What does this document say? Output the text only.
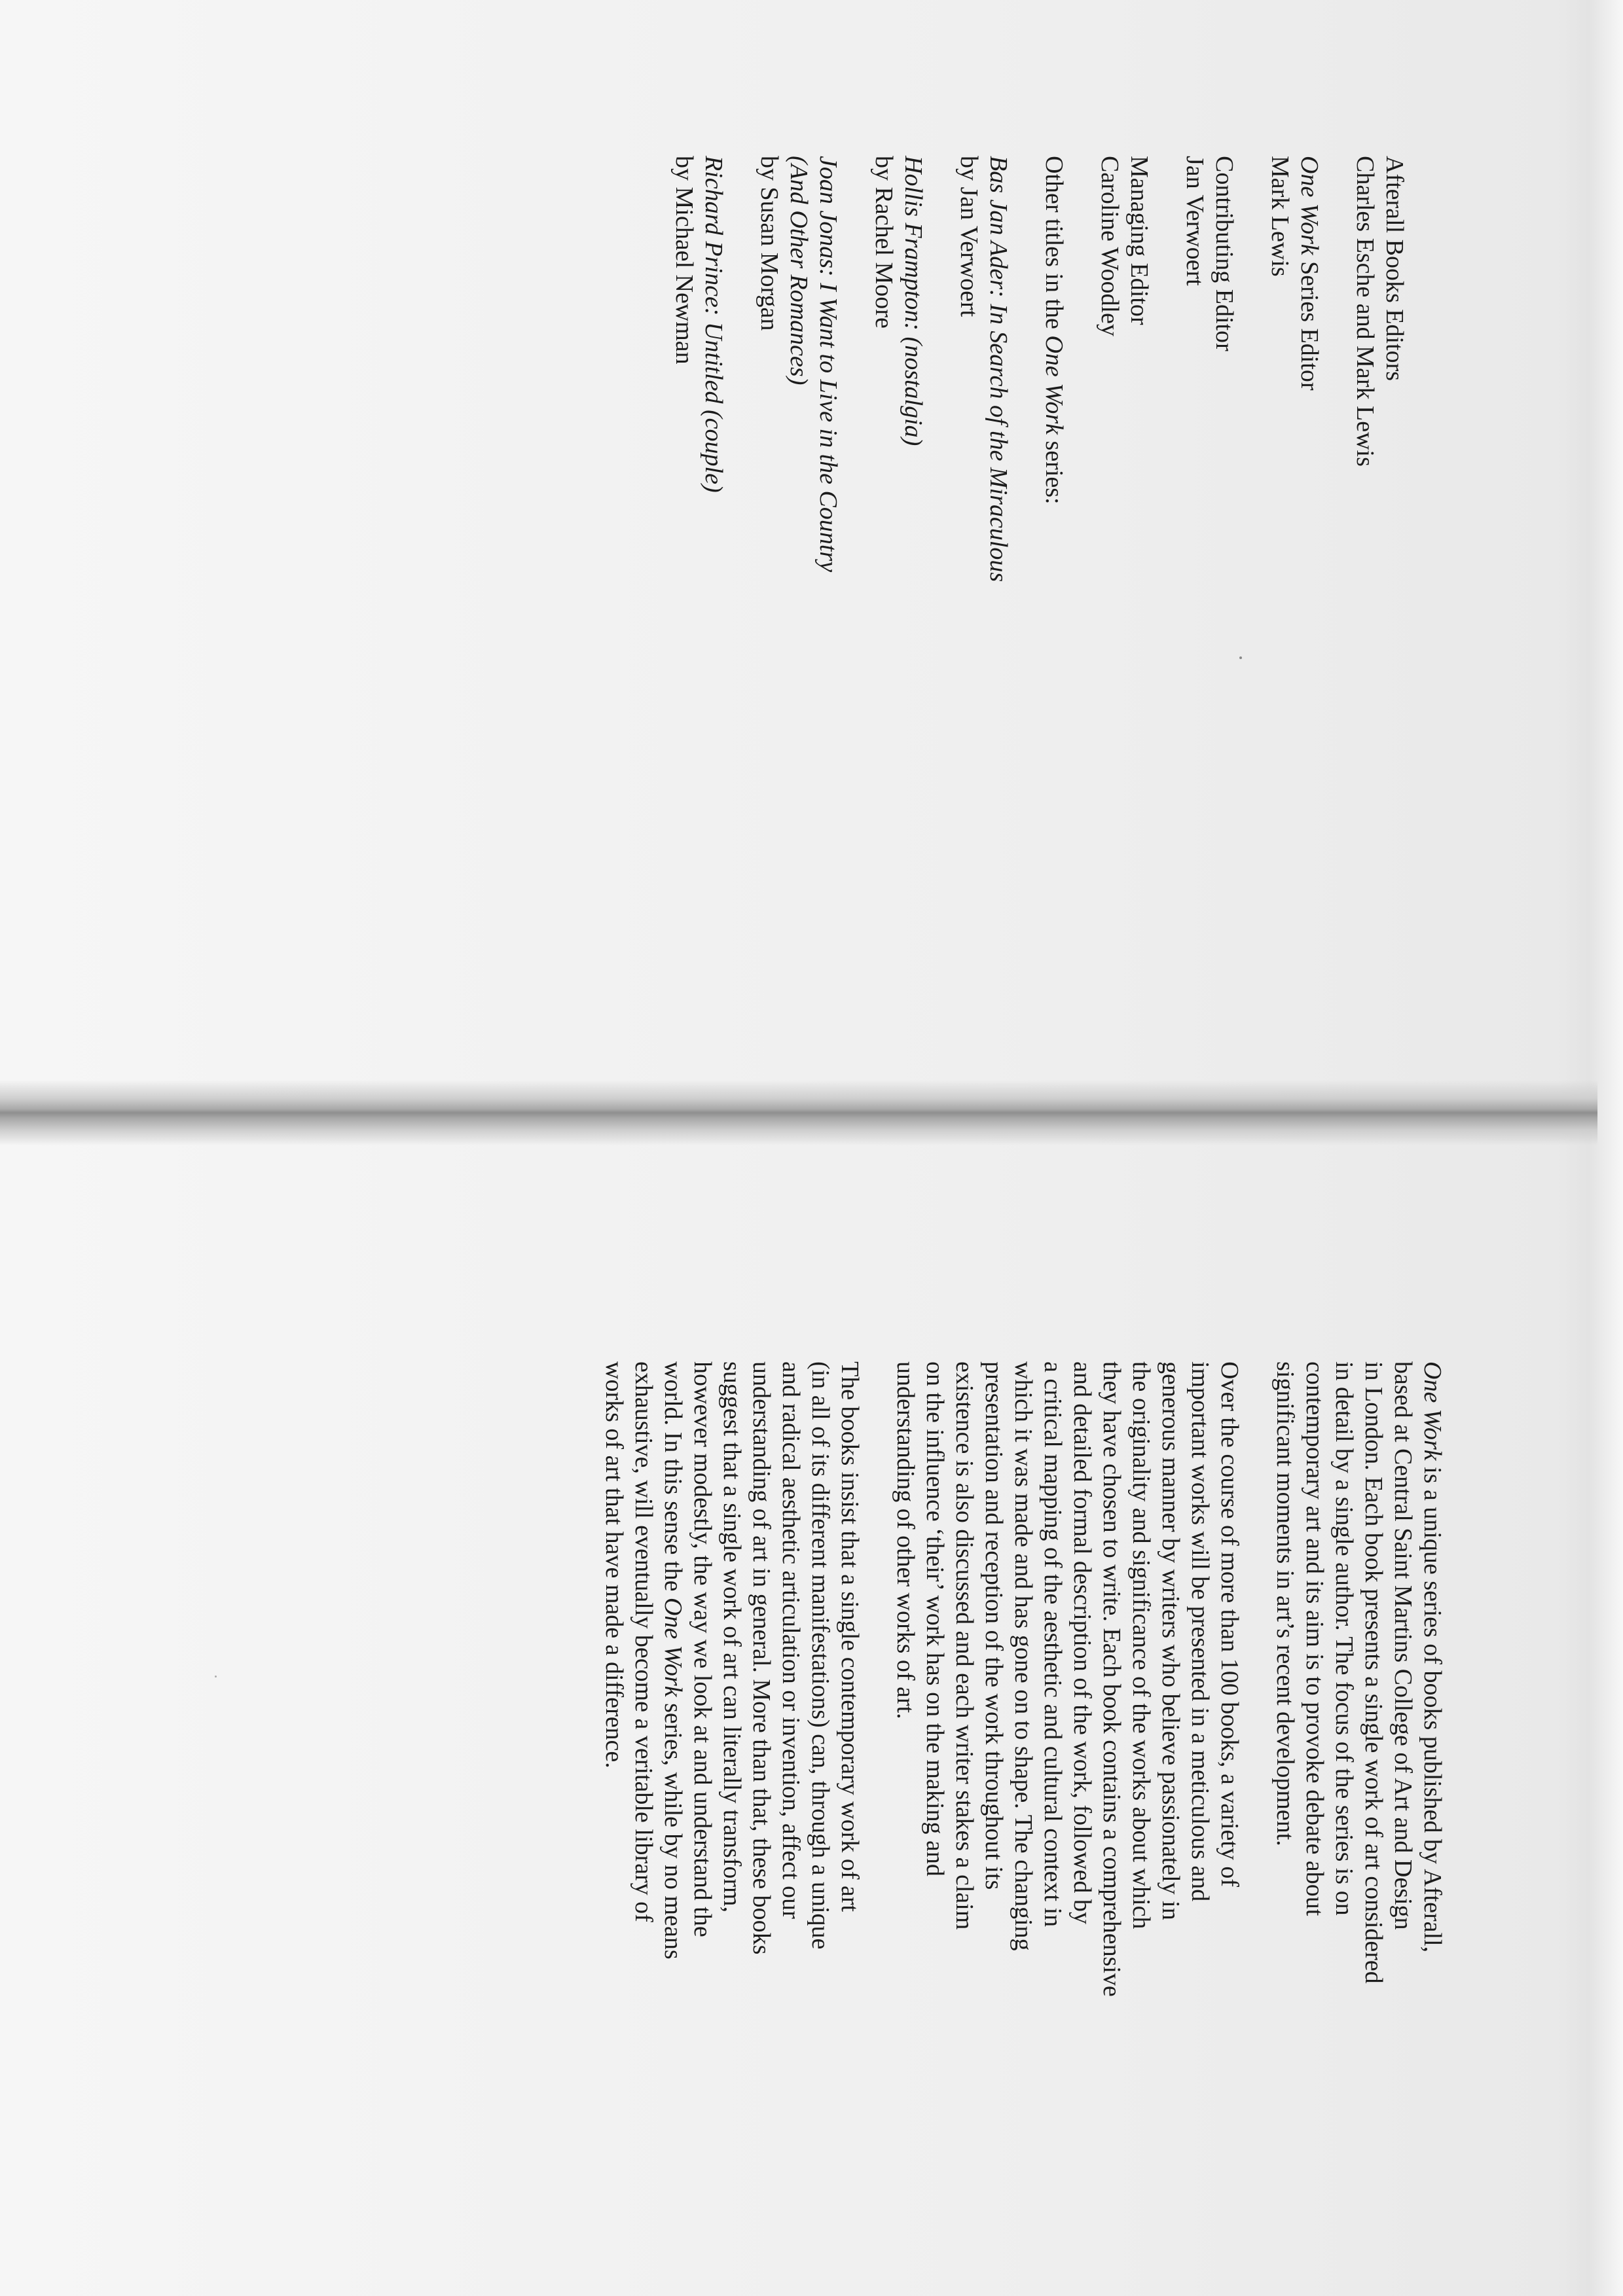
Afterall Books Editors
Charles Esche and Mark Lewis

One Work Series Editor
Mark Lewis

Contributing Editor
Jan Verwoert

Managing Editor
Caroline Woodley

Other titles in the One Work series:

Bas Jan Ader: In Search of the Miraculous
by Jan Verwoert

Hollis Frampton: (nostalgia)
by Rachel Moore

Joan Jonas: I Want to Live in the Country
(And Other Romances)
by Susan Morgan

Richard Prince: Untitled (couple)
by Michael Newman

One Work is a unique series of books published by Afterall,
based at Central Saint Martins College of Art and Design
in London. Each book presents a single work of art considered
in detail by a single author. The focus of the series is on
contemporary art and its aim is to provoke debate about
significant moments in art’s recent development.

Over the course of more than 100 books, a variety of
important works will be presented in a meticulous and
generous manner by writers who believe passionately in
the originality and significance of the works about which
they have chosen to write. Each book contains a comprehensive
and detailed formal description of the work, followed by
a critical mapping of the aesthetic and cultural context in
which it was made and has gone on to shape. The changing
presentation and reception of the work throughout its
existence is also discussed and each writer stakes a claim
on the influence ‘their’ work has on the making and
understanding of other works of art.

The books insist that a single contemporary work of art
(in all of its different manifestations) can, through a unique
and radical aesthetic articulation or invention, affect our
understanding of art in general. More than that, these books
suggest that a single work of art can literally transform,
however modestly, the way we look at and understand the
world. In this sense the One Work series, while by no means
exhaustive, will eventually become a veritable library of
works of art that have made a difference.
